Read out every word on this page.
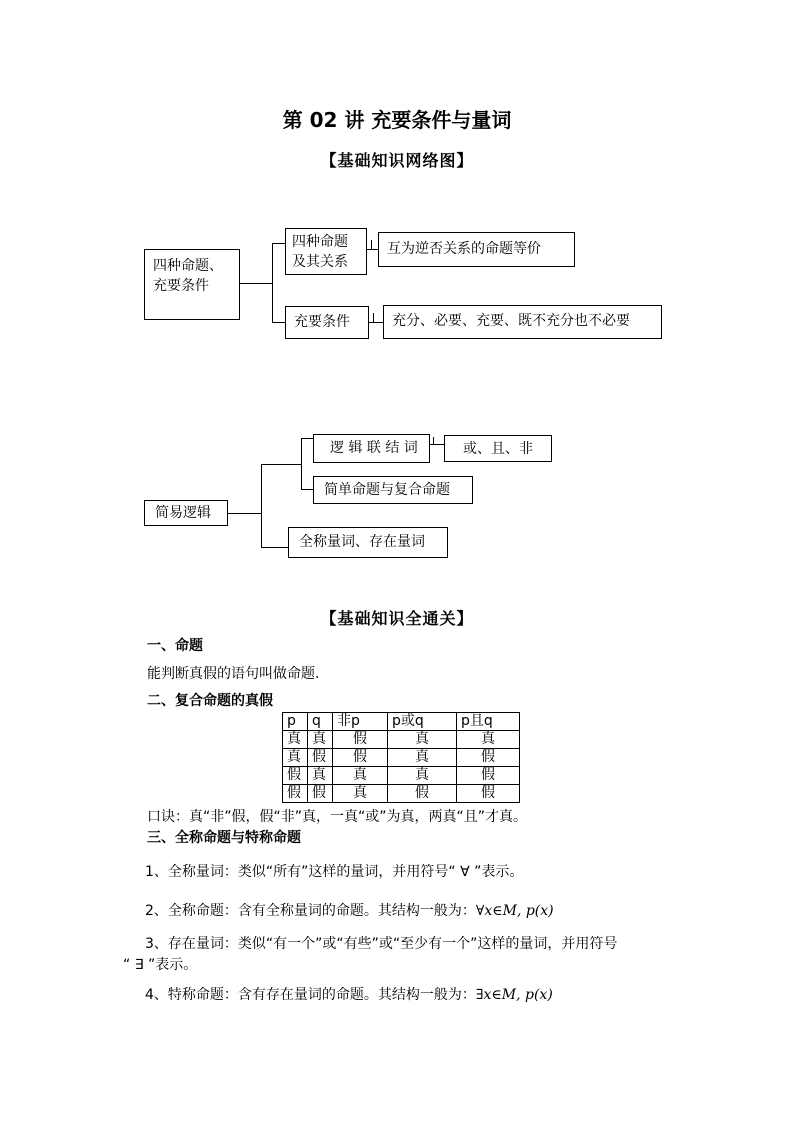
第 02 讲 充要条件与量词
【基础知识网络图】
四种命题、充要条件
四种命题及其关系
互为逆否关系的命题等价
充要条件	充分、必要、充要、既不充分也不必要
简易逻辑
逻 辑 联 结 词	或、且、非
简单命题与复合命题
全称量词、存在量词
【基础知识全通关】
一、命题
能判断真假的语句叫做命题.
二、复合命题的真假
p	q	非p	p或q	p且q
真	真	假	真	真
真	假	假	真	假
假	真	真	真	假
假	假	真	假	假
口诀：真“非”假，假“非”真，一真“或”为真，两真“且”才真。
三、全称命题与特称命题
1、全称量词：类似“所有”这样的量词，并用符号“ ∀ ”表示。
2、全称命题：含有全称量词的命题。其结构一般为：∀x∈M, p(x)
3、存在量词：类似“有一个”或“有些”或“至少有一个”这样的量词，并用符号
“ ∃ ”表示。
4、特称命题：含有存在量词的命题。其结构一般为：∃x∈M, p(x)
